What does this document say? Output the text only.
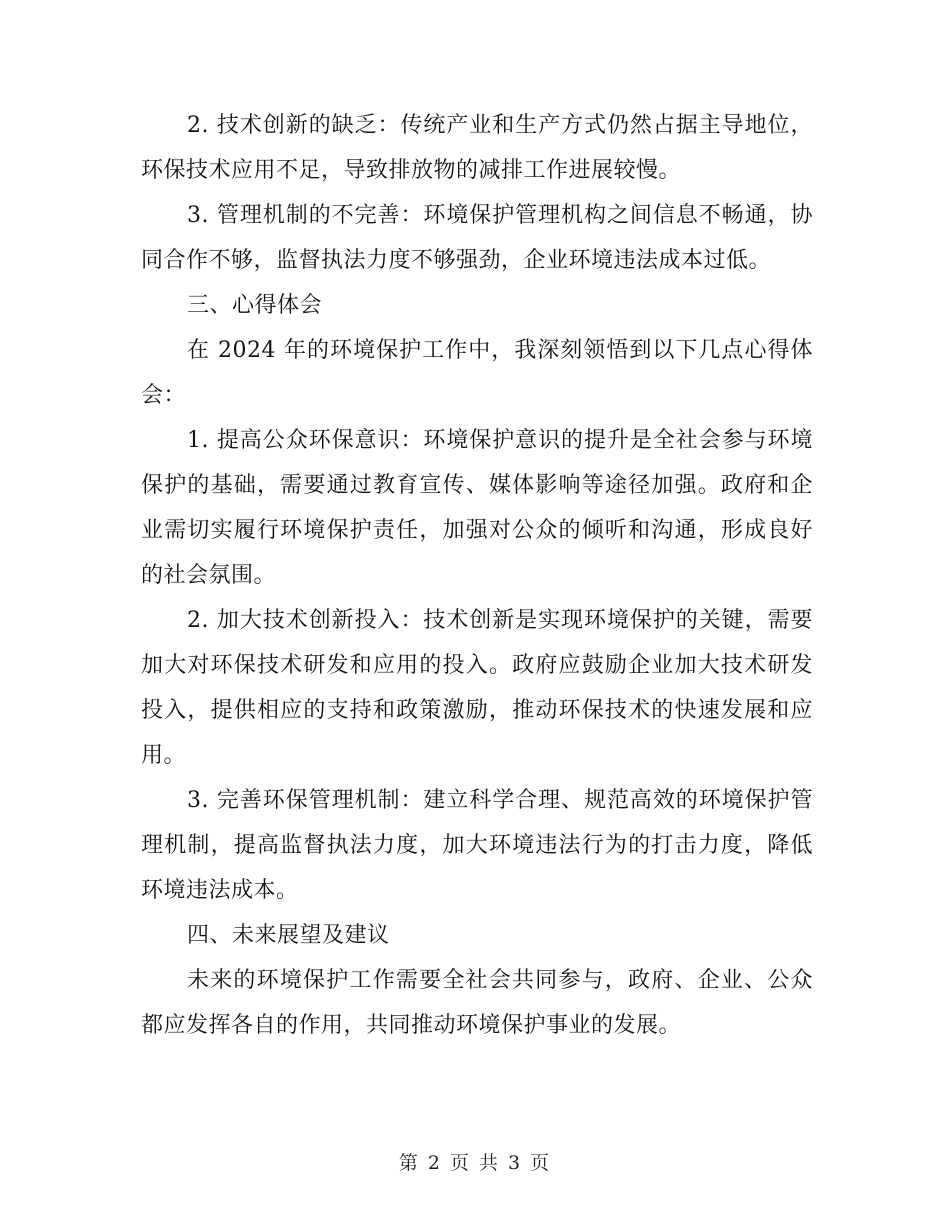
2. 技术创新的缺乏：传统产业和生产方式仍然占据主导地位，环保技术应用不足，导致排放物的减排工作进展较慢。

3. 管理机制的不完善：环境保护管理机构之间信息不畅通，协同合作不够，监督执法力度不够强劲，企业环境违法成本过低。

三、心得体会

在 2024 年的环境保护工作中，我深刻领悟到以下几点心得体会：

1. 提高公众环保意识：环境保护意识的提升是全社会参与环境保护的基础，需要通过教育宣传、媒体影响等途径加强。政府和企业需切实履行环境保护责任，加强对公众的倾听和沟通，形成良好的社会氛围。

2. 加大技术创新投入：技术创新是实现环境保护的关键，需要加大对环保技术研发和应用的投入。政府应鼓励企业加大技术研发投入，提供相应的支持和政策激励，推动环保技术的快速发展和应用。

3. 完善环保管理机制：建立科学合理、规范高效的环境保护管理机制，提高监督执法力度，加大环境违法行为的打击力度，降低环境违法成本。

四、未来展望及建议

未来的环境保护工作需要全社会共同参与，政府、企业、公众都应发挥各自的作用，共同推动环境保护事业的发展。

第 2 页 共 3 页
